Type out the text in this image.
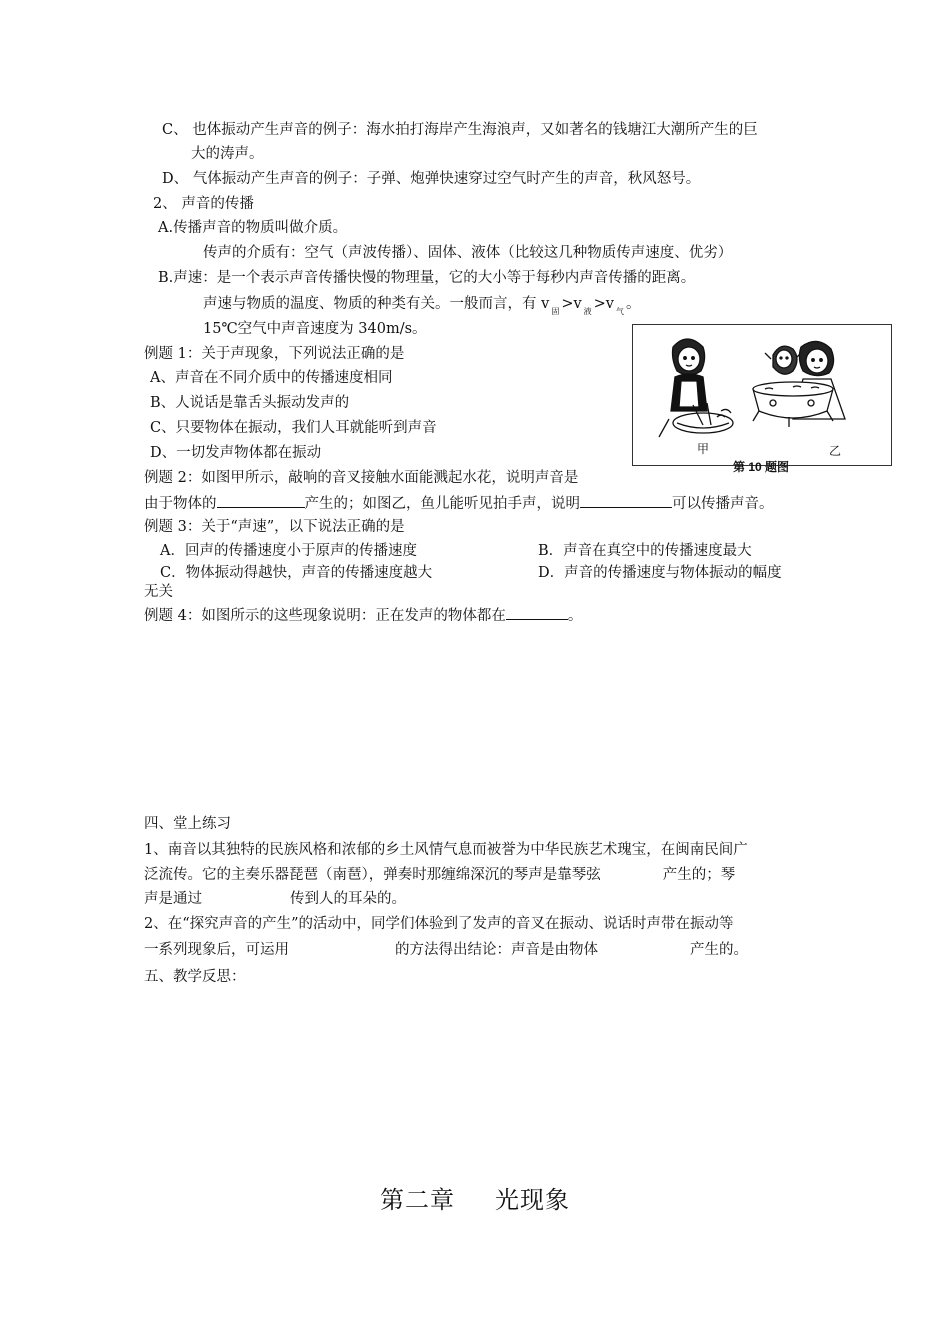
C、 也体振动产生声音的例子：海水拍打海岸产生海浪声，又如著名的钱塘江大潮所产生的巨
大的涛声。
D、 气体振动产生声音的例子：子弹、炮弹快速穿过空气时产生的声音，秋风怒号。
2、 声音的传播
A.传播声音的物质叫做介质。
传声的介质有：空气（声波传播）、固体、液体（比较这几种物质传声速度、优劣）
B.声速：是一个表示声音传播快慢的物理量，它的大小等于每秒内声音传播的距离。
声速与物质的温度、物质的种类有关。一般而言，有 v $_固$ >v $_液$ >v $_气$ 。
15℃空气中声音速度为 340m/s。
例题 1：关于声现象，下列说法正确的是
A、声音在不同介质中的传播速度相同
B、人说话是靠舌头振动发声的
C、只要物体在振动，我们人耳就能听到声音
D、一切发声物体都在振动	甲	乙
第 10 题图
例题 2：如图甲所示，敲响的音叉接触水面能溅起水花，说明声音是
由于物体的	产生的；如图乙，鱼儿能听见拍手声，说明	可以传播声音。
例题 3：关于“声速”，以下说法正确的是
A．回声的传播速度小于原声的传播速度	B．声音在真空中的传播速度最大
C．物体振动得越快，声音的传播速度越大	D．声音的传播速度与物体振动的幅度
无关
例题 4：如图所示的这些现象说明：正在发声的物体都在	。
四、堂上练习
1、南音以其独特的民族风格和浓郁的乡土风情气息而被誉为中华民族艺术瑰宝，在闽南民间广
泛流传。它的主奏乐器琵琶（南琶），弹奏时那缠绵深沉的琴声是靠琴弦	产生的；琴
声是通过	传到人的耳朵的。
2、在“探究声音的产生”的活动中，同学们体验到了发声的音叉在振动、说话时声带在振动等
一系列现象后，可运用	的方法得出结论：声音是由物体	产生的。
五、教学反思：
第二章 光现象
